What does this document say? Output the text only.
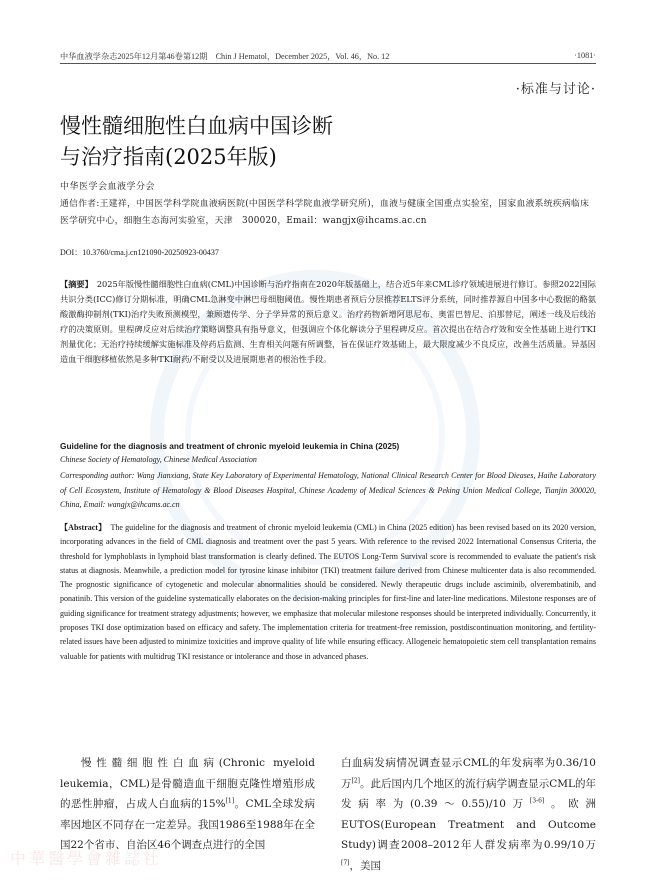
中华血液学杂志2025年12月第46卷第12期　Chin J Hematol，December 2025，Vol. 46，No. 12	·1081·
·标准与讨论·
慢性髓细胞性白血病中国诊断
与治疗指南(2025年版)
中华医学会血液学分会
通信作者:王建祥，中国医学科学院血液病医院(中国医学科学院血液学研究所)，血液与健康全国重点实验室，国家血液系统疾病临床医学研究中心，细胞生态海河实验室，天津　300020，Email：wangjx@ihcams.ac.cn
DOI：10.3760/cma.j.cn121090-20250923-00437
【摘要】　2025年版慢性髓细胞性白血病(CML)中国诊断与治疗指南在2020年版基础上，结合近5年来CML诊疗领域进展进行修订。参照2022国际共识分类(ICC)修订分期标准，明确CML急淋变中淋巴母细胞阈值。慢性期患者预后分层推荐ELTS评分系统，同时推荐源自中国多中心数据的酪氨酸激酶抑制剂(TKI)治疗失败预测模型，兼顾遗传学、分子学异常的预后意义。治疗药物新增阿思尼布、奥雷巴替尼、泊那替尼，阐述一线及后线治疗的决策原则。里程碑反应对后续治疗策略调整具有指导意义，但强调应个体化解读分子里程碑反应。首次提出在结合疗效和安全性基础上进行TKI剂量优化；无治疗持续缓解实施标准及停药后监测、生育相关问题有所调整，旨在保证疗效基础上，最大限度减少不良反应，改善生活质量。异基因造血干细胞移植依然是多种TKI耐药/不耐受以及进展期患者的根治性手段。
Guideline for the diagnosis and treatment of chronic myeloid leukemia in China (2025)
Chinese Society of Hematology, Chinese Medical Association
Corresponding author: Wang Jianxiang, State Key Laboratory of Experimental Hematology, National Clinical Research Center for Blood Dieases, Haihe Laboratory of Cell Ecosystem, Institute of Hematology & Blood Diseases Hospital, Chinese Academy of Medical Sciences & Peking Union Medical College, Tianjin 300020, China, Email: wangjx@ihcams.ac.cn
【Abstract】　The guideline for the diagnosis and treatment of chronic myeloid leukemia (CML) in China (2025 edition) has been revised based on its 2020 version, incorporating advances in the field of CML diagnosis and treatment over the past 5 years. With reference to the revised 2022 International Consensus Criteria, the threshold for lymphoblasts in lymphoid blast transformation is clearly defined. The EUTOS Long-Term Survival score is recommended to evaluate the patient's risk status at diagnosis. Meanwhile, a prediction model for tyrosine kinase inhibitor (TKI) treatment failure derived from Chinese multicenter data is also recommended. The prognostic significance of cytogenetic and molecular abnormalities should be considered. Newly therapeutic drugs include asciminib, olverembatinib, and ponatinib. This version of the guideline systematically elaborates on the decision-making principles for first-line and later-line medications. Milestone responses are of guiding significance for treatment strategy adjustments; however, we emphasize that molecular milestone responses should be interpreted individually. Concurrently, it proposes TKI dose optimization based on efficacy and safety. The implementation criteria for treatment-free remission, postdiscontinuation monitoring, and fertility-related issues have been adjusted to minimize toxicities and improve quality of life while ensuring efficacy. Allogeneic hematopoietic stem cell transplantation remains valuable for patients with multidrug TKI resistance or intolerance and those in advanced phases.
慢性髓细胞性白血病(Chronic myeloid leukemia，CML)是骨髓造血干细胞克隆性增殖形成的恶性肿瘤，占成人白血病的15%[1]。CML全球发病率因地区不同存在一定差异。我国1986至1988年在全国22个省市、自治区46个调查点进行的全国
白血病发病情况调查显示CML的年发病率为0.36/10万[2]。此后国内几个地区的流行病学调查显示CML的年发病率为(0.39～0.55)/10万[3-6]。欧洲EUTOS(European Treatment and Outcome Study)调查2008–2012年人群发病率为0.99/10万[7]，美国
中華醫學會雜誌社
